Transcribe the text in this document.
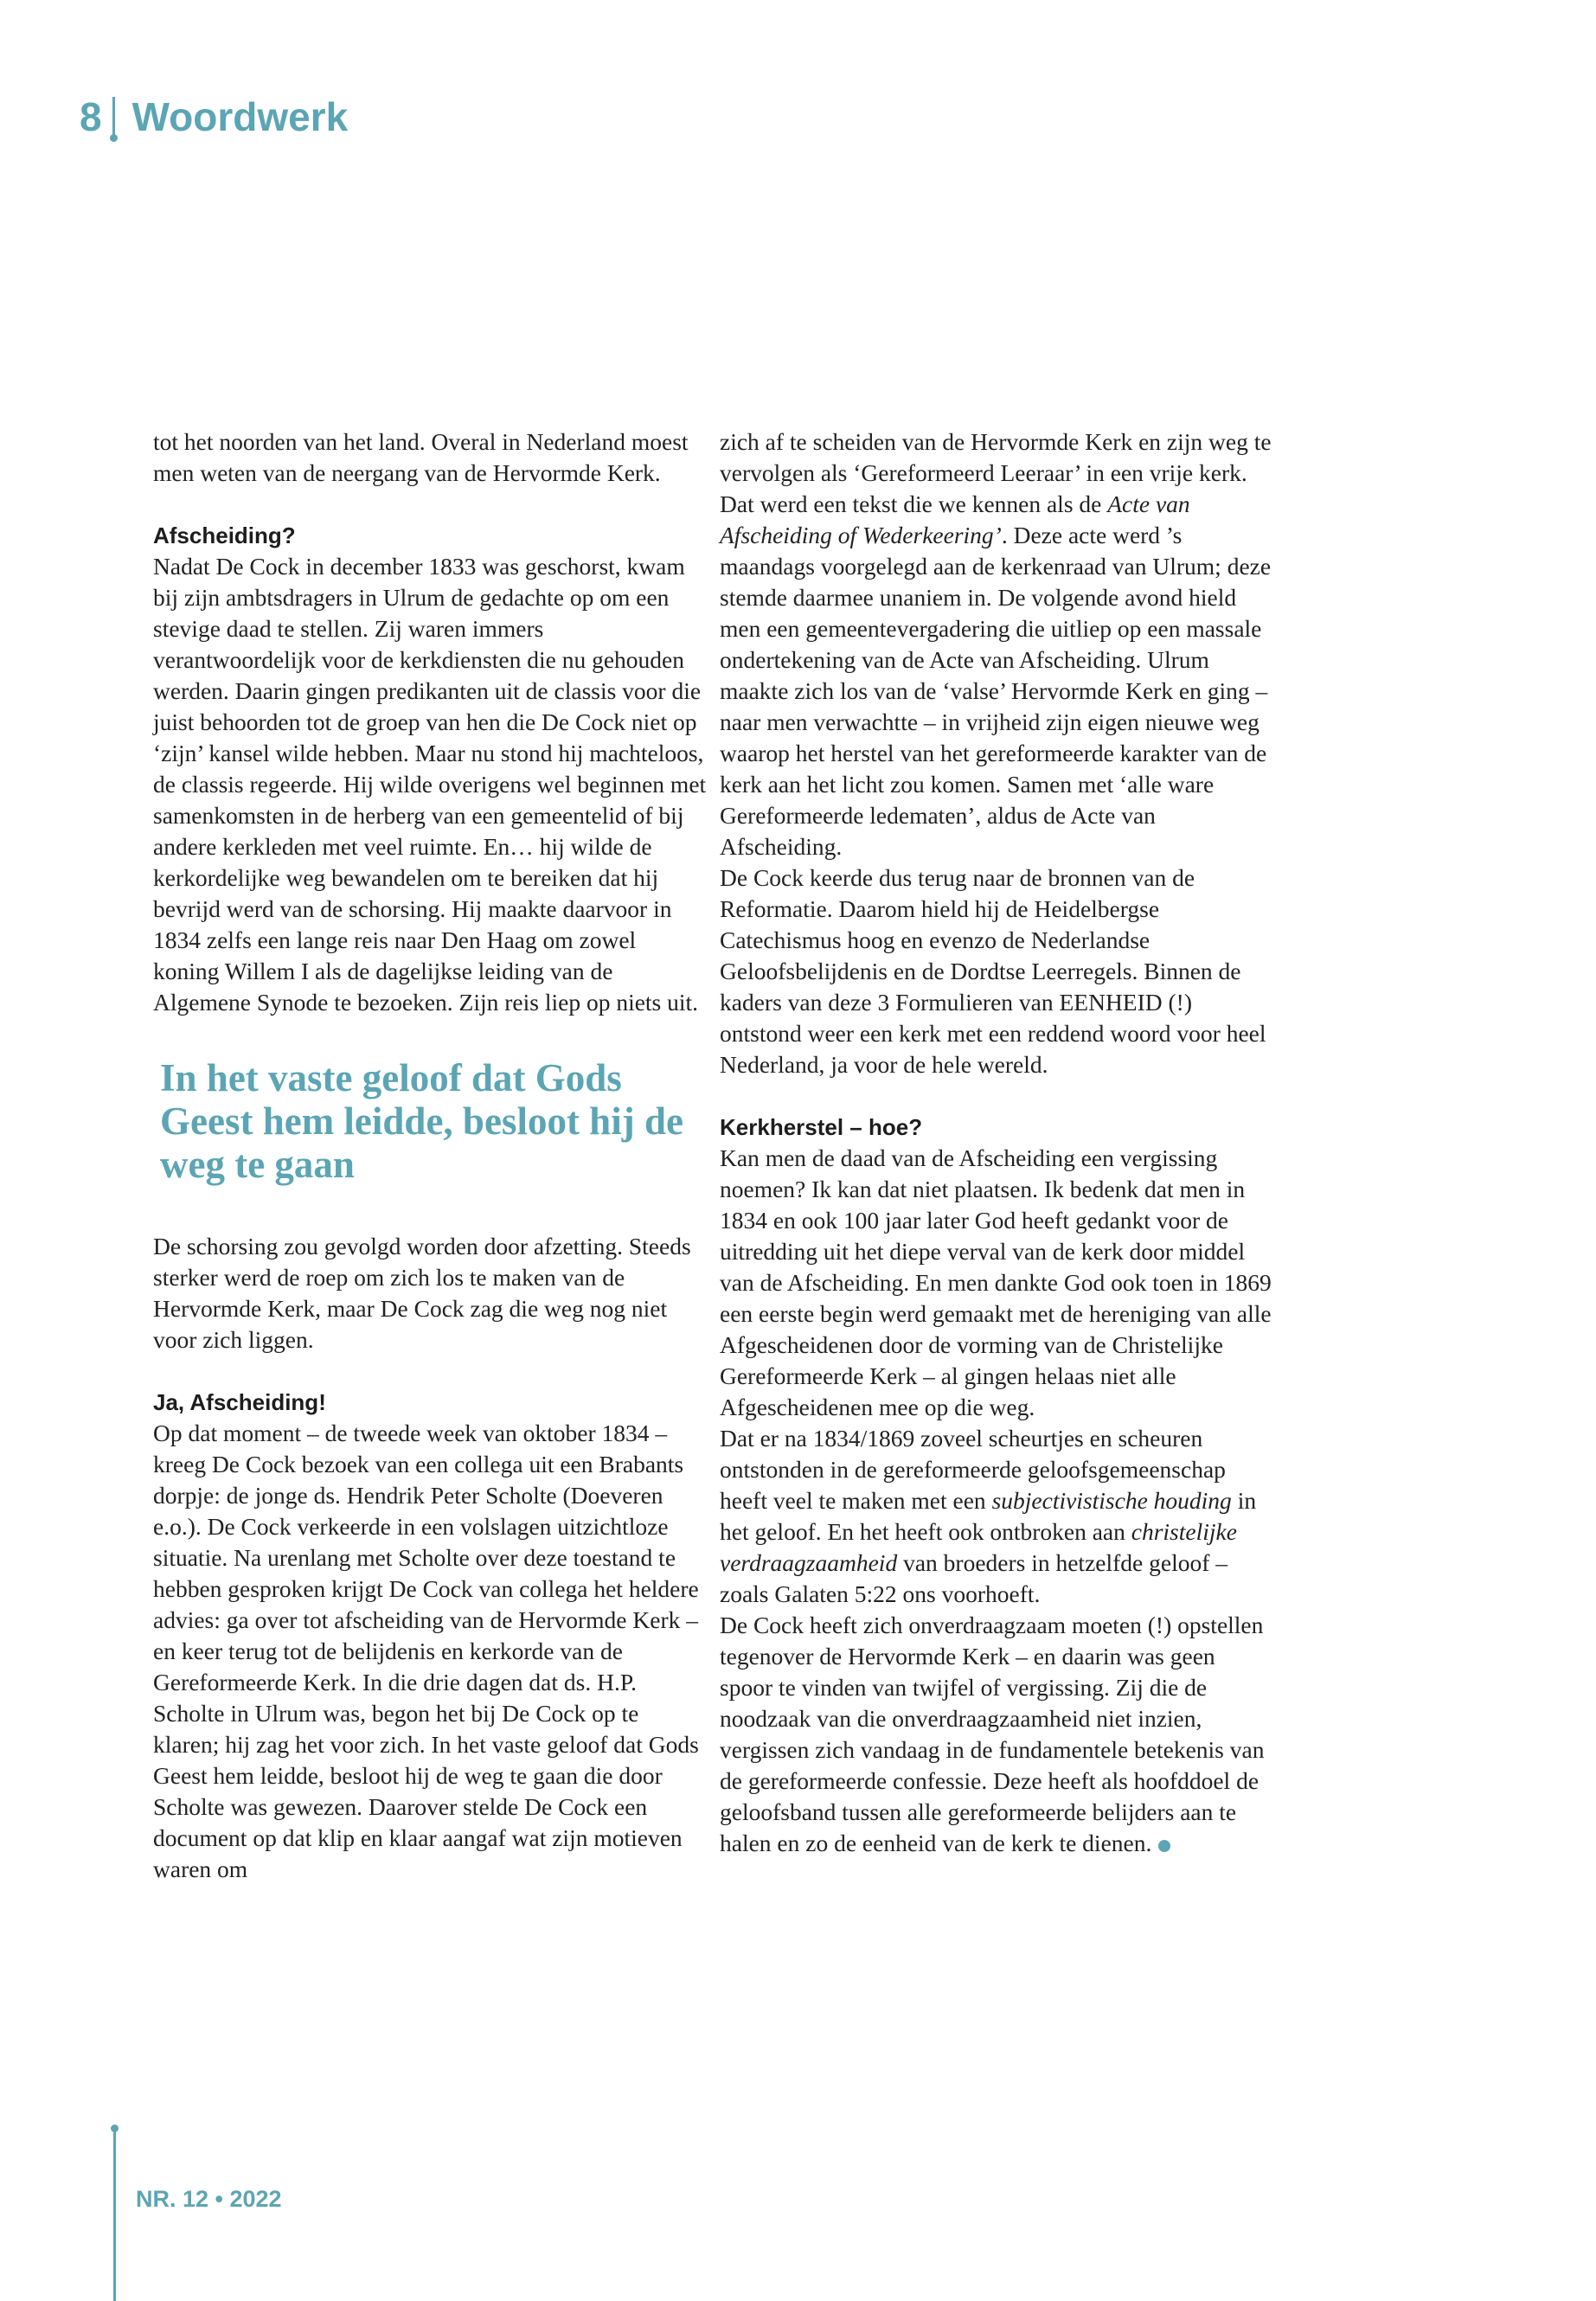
8 Woordwerk

tot het noorden van het land. Overal in Nederland moest men weten van de neergang van de Hervormde Kerk.

Afscheiding?

Nadat De Cock in december 1833 was geschorst, kwam bij zijn ambtsdragers in Ulrum de gedachte op om een stevige daad te stellen. Zij waren immers verantwoordelijk voor de kerkdiensten die nu gehouden werden. Daarin gingen predikanten uit de classis voor die juist behoorden tot de groep van hen die De Cock niet op ‘zijn’ kansel wilde hebben. Maar nu stond hij machteloos, de classis regeerde. Hij wilde overigens wel beginnen met samenkomsten in de herberg van een gemeentelid of bij andere kerkleden met veel ruimte. En… hij wilde de kerkordelijke weg bewandelen om te bereiken dat hij bevrijd werd van de schorsing. Hij maakte daarvoor in 1834 zelfs een lange reis naar Den Haag om zowel koning Willem I als de dagelijkse leiding van de Algemene Synode te bezoeken. Zijn reis liep op niets uit.

In het vaste geloof dat Gods Geest hem leidde, besloot hij de weg te gaan

De schorsing zou gevolgd worden door afzetting. Steeds sterker werd de roep om zich los te maken van de Hervormde Kerk, maar De Cock zag die weg nog niet voor zich liggen.

Ja, Afscheiding!

Op dat moment – de tweede week van oktober 1834 – kreeg De Cock bezoek van een collega uit een Brabants dorpje: de jonge ds. Hendrik Peter Scholte (Doeveren e.o.). De Cock verkeerde in een volslagen uitzichtloze situatie. Na urenlang met Scholte over deze toestand te hebben gesproken krijgt De Cock van collega het heldere advies: ga over tot afscheiding van de Hervormde Kerk – en keer terug tot de belijdenis en kerkorde van de Gereformeerde Kerk. In die drie dagen dat ds. H.P. Scholte in Ulrum was, begon het bij De Cock op te klaren; hij zag het voor zich. In het vaste geloof dat Gods Geest hem leidde, besloot hij de weg te gaan die door Scholte was gewezen. Daarover stelde De Cock een document op dat klip en klaar aangaf wat zijn motieven waren om

zich af te scheiden van de Hervormde Kerk en zijn weg te vervolgen als ‘Gereformeerd Leeraar’ in een vrije kerk. Dat werd een tekst die we kennen als de Acte van Afscheiding of Wederkeering’. Deze acte werd ’s maandags voorgelegd aan de kerkenraad van Ulrum; deze stemde daarmee unaniem in. De volgende avond hield men een gemeentevergadering die uitliep op een massale ondertekening van de Acte van Afscheiding. Ulrum maakte zich los van de ‘valse’ Hervormde Kerk en ging – naar men verwachtte – in vrijheid zijn eigen nieuwe weg waarop het herstel van het gereformeerde karakter van de kerk aan het licht zou komen. Samen met ‘alle ware Gereformeerde ledematen’, aldus de Acte van Afscheiding.

De Cock keerde dus terug naar de bronnen van de Reformatie. Daarom hield hij de Heidelbergse Catechismus hoog en evenzo de Nederlandse Geloofsbelijdenis en de Dordtse Leerregels. Binnen de kaders van deze 3 Formulieren van EENHEID (!) ontstond weer een kerk met een reddend woord voor heel Nederland, ja voor de hele wereld.

Kerkherstel – hoe?

Kan men de daad van de Afscheiding een vergissing noemen? Ik kan dat niet plaatsen. Ik bedenk dat men in 1834 en ook 100 jaar later God heeft gedankt voor de uitredding uit het diepe verval van de kerk door middel van de Afscheiding. En men dankte God ook toen in 1869 een eerste begin werd gemaakt met de hereniging van alle Afgescheidenen door de vorming van de Christelijke Gereformeerde Kerk – al gingen helaas niet alle Afgescheidenen mee op die weg.

Dat er na 1834/1869 zoveel scheurtjes en scheuren ontstonden in de gereformeerde geloofsgemeenschap heeft veel te maken met een subjectivistische houding in het geloof. En het heeft ook ontbroken aan christelijke verdraagzaamheid van broeders in hetzelfde geloof – zoals Galaten 5:22 ons voorhoeft.

De Cock heeft zich onverdraagzaam moeten (!) opstellen tegenover de Hervormde Kerk – en daarin was geen spoor te vinden van twijfel of vergissing. Zij die de noodzaak van die onverdraagzaamheid niet inzien, vergissen zich vandaag in de fundamentele betekenis van de gereformeerde confessie. Deze heeft als hoofddoel de geloofsband tussen alle gereformeerde belijders aan te halen en zo de eenheid van de kerk te dienen.

NR. 12 • 2022
